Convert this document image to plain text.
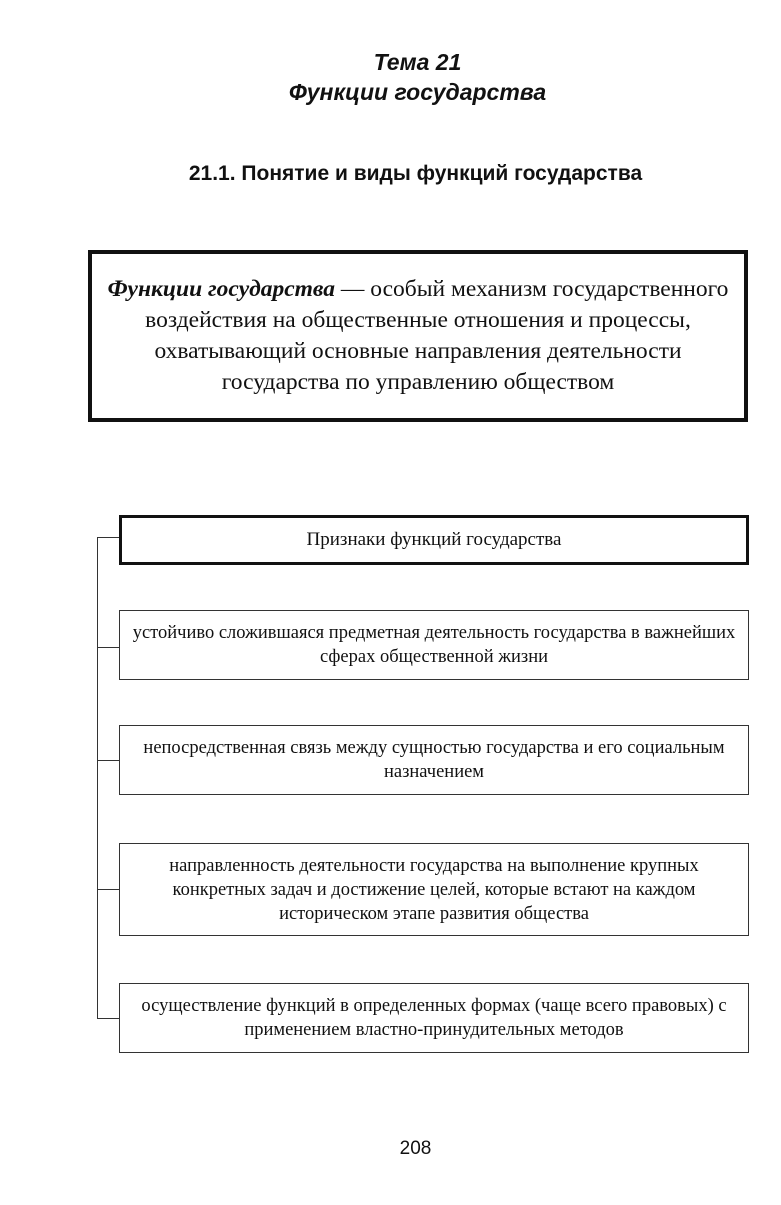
Тема 21
Функции государства
21.1. Понятие и виды функций государства
Функции государства — особый механизм государственного воздействия на общественные отношения и процессы, охватывающий основные направления деятельности государства по управлению обществом
Признаки функций государства
устойчиво сложившаяся предметная деятельность государства в важнейших сферах общественной жизни
непосредственная связь между сущностью государства и его социальным назначением
направленность деятельности государства на выполнение крупных конкретных задач и достижение целей, которые встают на каждом историческом этапе развития общества
осуществление функций в определенных формах (чаще всего правовых) с применением властно-принудительных методов
208
